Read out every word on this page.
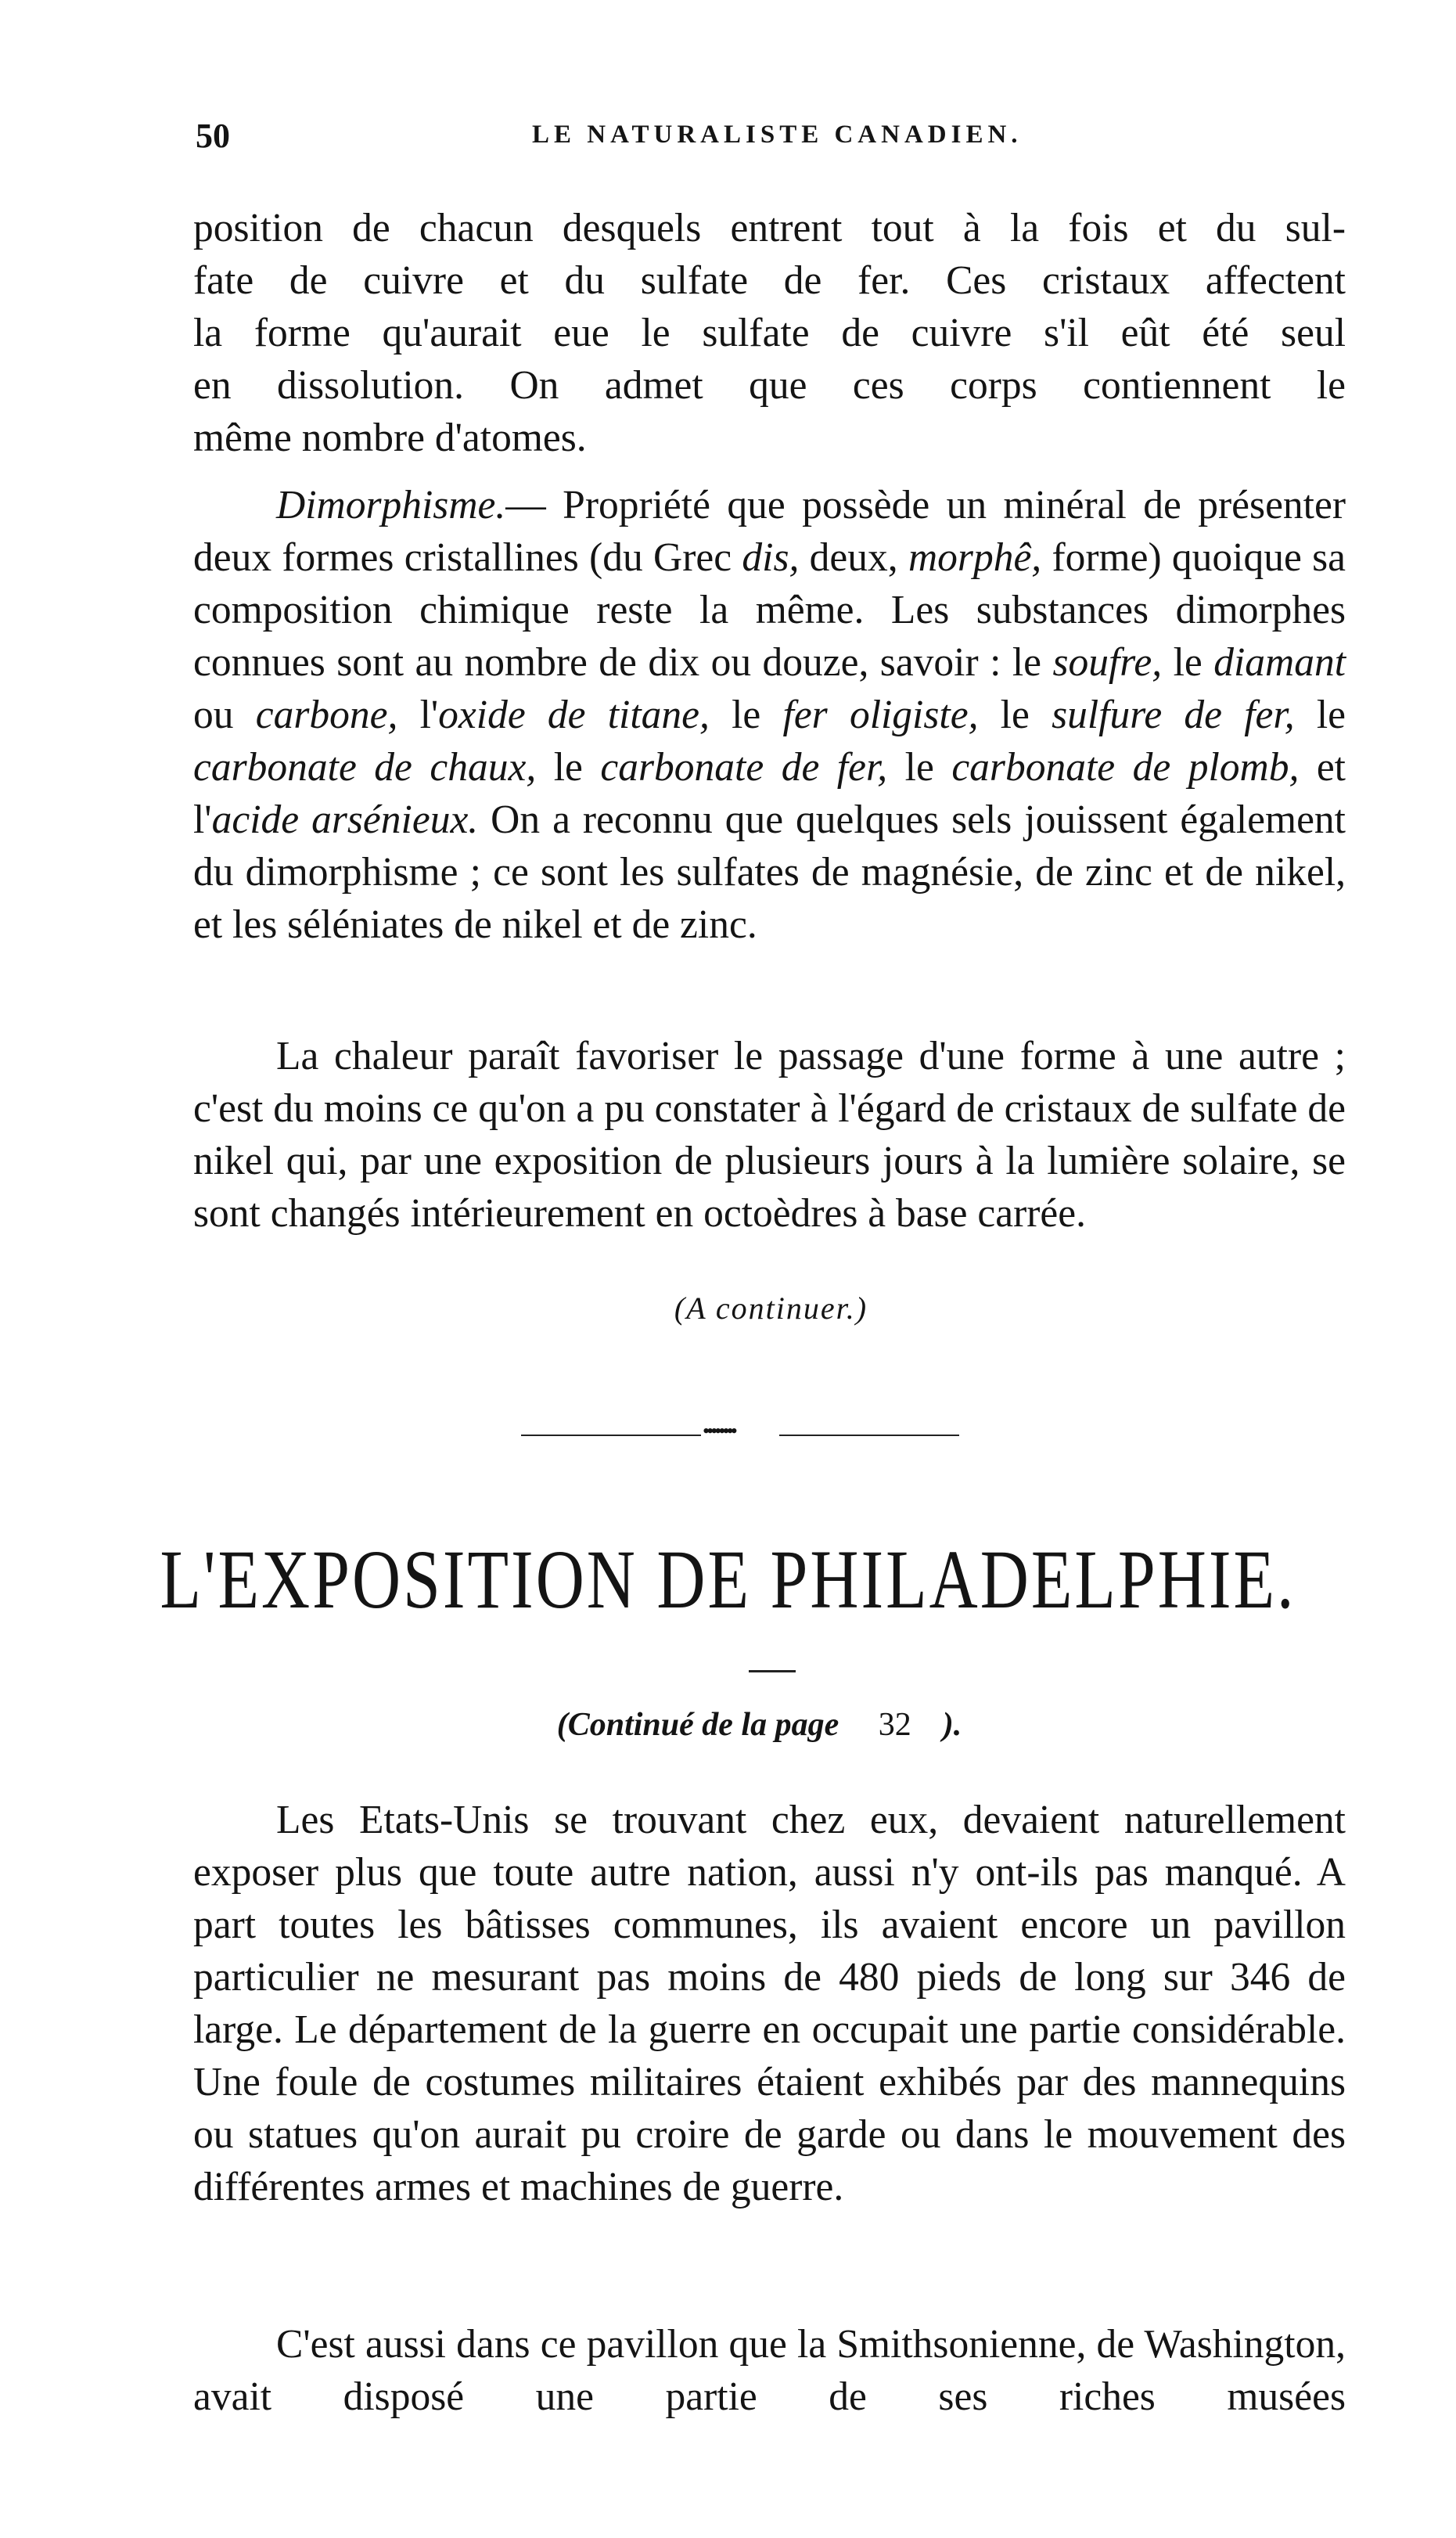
50	LE NATURALISTE CANADIEN.

position de chacun desquels entrent tout à la fois et du sul-

fate de cuivre et du sulfate de fer. Ces cristaux affectent

la forme qu'aurait eue le sulfate de cuivre s'il eût été seul

en dissolution. On admet que ces corps contiennent le

même nombre d'atomes.

Dimorphisme.— Propriété que possède un minéral de présenter deux formes cristallines (du Grec dis, deux, morphê, forme) quoique sa composition chimique reste la même. Les substances dimorphes connues sont au nombre de dix ou douze, savoir : le soufre, le diamant ou carbone, l'oxide de titane, le fer oligiste, le sulfure de fer, le carbonate de chaux, le carbonate de fer, le carbonate de plomb, et l'acide arsénieux. On a reconnu que quelques sels jouissent également du dimorphisme ; ce sont les sulfates de magnésie, de zinc et de nikel, et les séléniates de nikel et de zinc.

La chaleur paraît favoriser le passage d'une forme à une autre ; c'est du moins ce qu'on a pu constater à l'égard de cristaux de sulfate de nikel qui, par une exposition de plusieurs jours à la lumière solaire, se sont changés intérieurement en octoèdres à base carrée.

(A continuer.)
••••••••
L'EXPOSITION DE PHILADELPHIE.
(Continué de la page 32 ).

Les Etats-Unis se trouvant chez eux, devaient naturellement exposer plus que toute autre nation, aussi n'y ont-ils pas manqué. A part toutes les bâtisses communes, ils avaient encore un pavillon particulier ne mesurant pas moins de 480 pieds de long sur 346 de large. Le département de la guerre en occupait une partie considérable. Une foule de costumes militaires étaient exhibés par des mannequins ou statues qu'on aurait pu croire de garde ou dans le mouvement des différentes armes et machines de guerre.

C'est aussi dans ce pavillon que la Smithsonienne, de Washington, avait disposé une partie de ses riches musées
